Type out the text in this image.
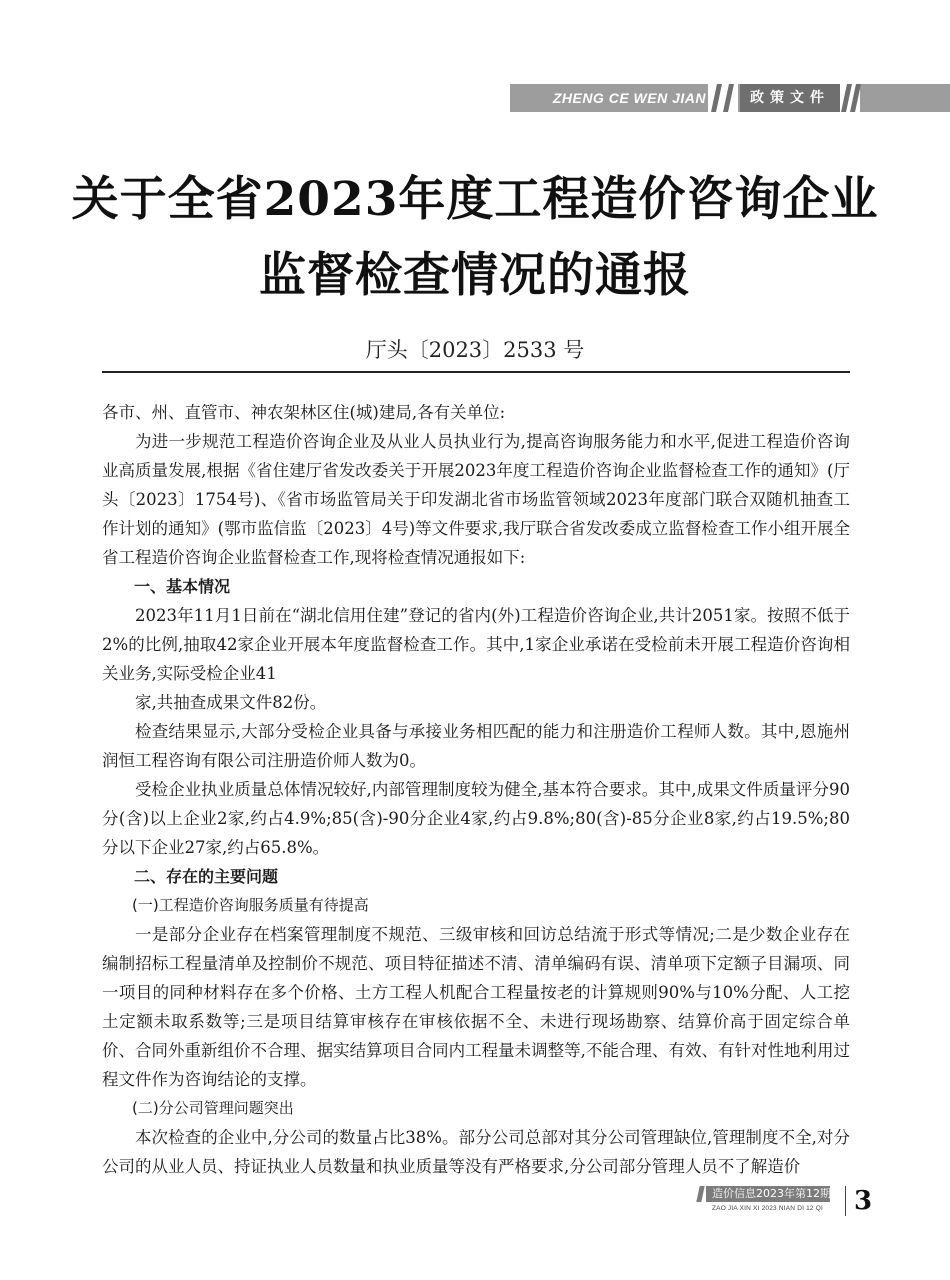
ZHENG CE WEN JIAN	政策文件
关于全省2023年度工程造价咨询企业
监督检查情况的通报
厅头〔2023〕2533 号

各市、州、直管市、神农架林区住(城)建局,各有关单位:

为进一步规范工程造价咨询企业及从业人员执业行为,提高咨询服务能力和水平,促进工程造价咨询业高质量发展,根据《省住建厅省发改委关于开展2023年度工程造价咨询企业监督检查工作的通知》(厅头〔2023〕1754号)、《省市场监管局关于印发湖北省市场监管领域2023年度部门联合双随机抽查工作计划的通知》(鄂市监信监〔2023〕4号)等文件要求,我厅联合省发改委成立监督检查工作小组开展全省工程造价咨询企业监督检查工作,现将检查情况通报如下:

一、基本情况

2023年11月1日前在“湖北信用住建”登记的省内(外)工程造价咨询企业,共计2051家。按照不低于2%的比例,抽取42家企业开展本年度监督检查工作。其中,1家企业承诺在受检前未开展工程造价咨询相关业务,实际受检企业41

家,共抽查成果文件82份。

检查结果显示,大部分受检企业具备与承接业务相匹配的能力和注册造价工程师人数。其中,恩施州润恒工程咨询有限公司注册造价师人数为0。

受检企业执业质量总体情况较好,内部管理制度较为健全,基本符合要求。其中,成果文件质量评分90分(含)以上企业2家,约占4.9%;85(含)-90分企业4家,约占9.8%;80(含)-85分企业8家,约占19.5%;80分以下企业27家,约占65.8%。

二、存在的主要问题

(一)工程造价咨询服务质量有待提高

一是部分企业存在档案管理制度不规范、三级审核和回访总结流于形式等情况;二是少数企业存在编制招标工程量清单及控制价不规范、项目特征描述不清、清单编码有误、清单项下定额子目漏项、同一项目的同种材料存在多个价格、土方工程人机配合工程量按老的计算规则90%与10%分配、人工挖土定额未取系数等;三是项目结算审核存在审核依据不全、未进行现场勘察、结算价高于固定综合单价、合同外重新组价不合理、据实结算项目合同内工程量未调整等,不能合理、有效、有针对性地利用过程文件作为咨询结论的支撑。

(二)分公司管理问题突出

本次检查的企业中,分公司的数量占比38%。部分公司总部对其分公司管理缺位,管理制度不全,对分公司的从业人员、持证执业人员数量和执业质量等没有严格要求,分公司部分管理人员不了解造价

造价信息2023年第12期
ZAO JIA XIN XI 2023 NIAN DI 12 QI	3
